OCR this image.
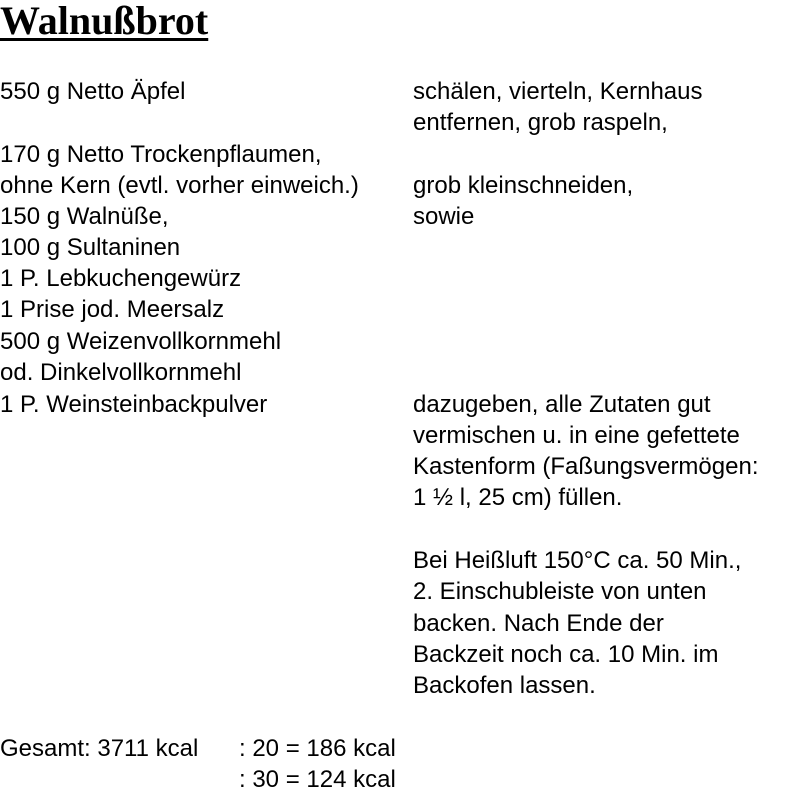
Walnußbrot
550 g Netto Äpfel
170 g Netto Trockenpflaumen,
ohne Kern (evtl. vorher einweich.)
150 g Walnüße,
100 g Sultaninen
1 P. Lebkuchengewürz
1 Prise jod. Meersalz
500 g Weizenvollkornmehl
od. Dinkelvollkornmehl
1 P. Weinsteinbackpulver
schälen, vierteln, Kernhaus
entfernen, grob raspeln,
grob kleinschneiden,
sowie
dazugeben, alle Zutaten gut
vermischen u. in eine gefettete
Kastenform (Faßungsvermögen:
1 ½ l, 25 cm) füllen.
Bei Heißluft 150°C ca. 50 Min.,
2. Einschubleiste von unten
backen. Nach Ende der
Backzeit noch ca. 10 Min. im
Backofen lassen.
Gesamt: 3711 kcal : 20 = 186 kcal
: 30 = 124 kcal
